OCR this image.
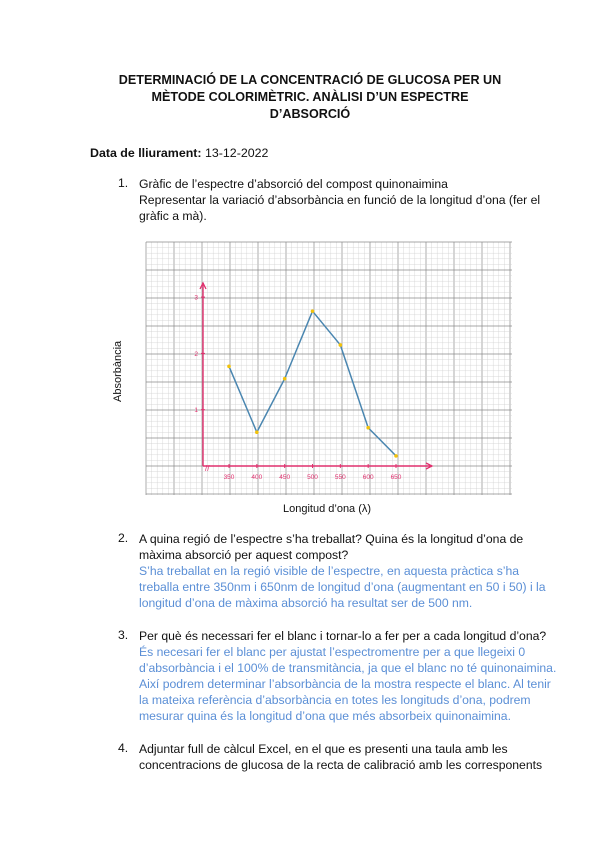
DETERMINACIÓ DE LA CONCENTRACIÓ DE GLUCOSA PER UN
MÈTODE COLORIMÈTRIC. ANÀLISI D’UN ESPECTRE
D’ABSORCIÓ
Data de lliurament: 13-12-2022
1. Gràfic de l’espectre d’absorció del compost quinonaimina
Representar la variació d’absorbància en funció de la longitud d’ona (fer el
gràfic a mà).
//
350	400	450	500	550	600	650
1
2
3
Absorbància
Longitud d’ona (λ)
2. A quina regió de l’espectre s’ha treballat? Quina és la longitud d’ona de
màxima absorció per aquest compost?
S’ha treballat en la regió visible de l’espectre, en aquesta pràctica s’ha
treballa entre 350nm i 650nm de longitud d’ona (augmentant en 50 i 50) i la
longitud d’ona de màxima absorció ha resultat ser de 500 nm.
3. Per què és necessari fer el blanc i tornar-lo a fer per a cada longitud d’ona?
És necesari fer el blanc per ajustat l’espectromentre per a que llegeixi 0
d’absorbància i el 100% de transmitància, ja que el blanc no té quinonaimina.
Així podrem determinar l’absorbància de la mostra respecte el blanc. Al tenir
la mateixa referència d’absorbància en totes les longituds d’ona, podrem
mesurar quina és la longitud d’ona que més absorbeix quinonaimina.
4. Adjuntar full de càlcul Excel, en el que es presenti una taula amb les
concentracions de glucosa de la recta de calibració amb les corresponents
